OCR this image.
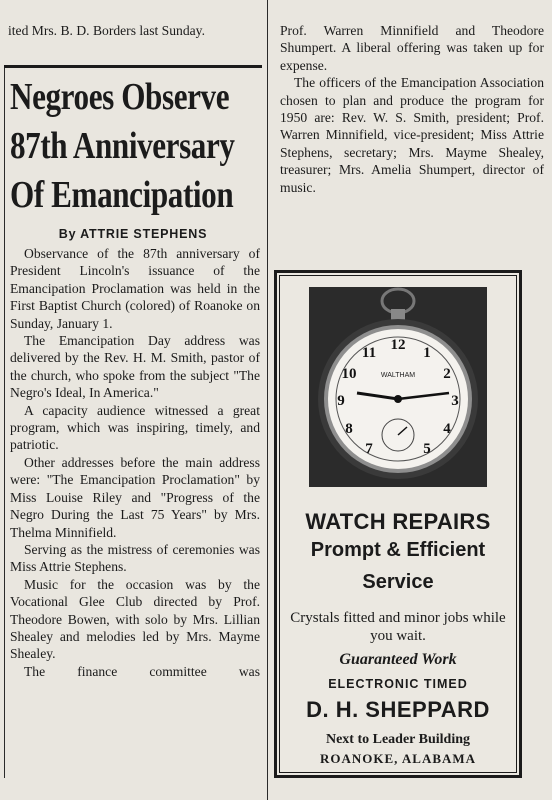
ited Mrs. B. D. Borders last Sunday.

Negroes Observe
87th Anniversary
Of Emancipation
By ATTRIE STEPHENS

Observance of the 87th anniversary of President Lincoln's issuance of the Emancipation Proclamation was held in the First Baptist Church (colored) of Roanoke on Sunday, January 1.

The Emancipation Day address was delivered by the Rev. H. M. Smith, pastor of the church, who spoke from the subject "The Negro's Ideal, In America."

A capacity audience witnessed a great program, which was inspiring, timely, and patriotic.

Other addresses before the main address were: "The Emancipation Proclamation" by Miss Louise Riley and "Progress of the Negro During the Last 75 Years" by Mrs. Thelma Minnifield.

Serving as the mistress of ceremonies was Miss Attrie Stephens.

Music for the occasion was by the Vocational Glee Club directed by Prof. Theodore Bowen, with solo by Mrs. Lillian Shealey and melodies led by Mrs. Mayme Shealey.

The finance committee was

Prof. Warren Minnifield and Theodore Shumpert. A liberal offering was taken up for expense.

The officers of the Emancipation Association chosen to plan and produce the program for 1950 are: Rev. W. S. Smith, president; Prof. Warren Minnifield, vice-president; Miss Attrie Stephens, secretary; Mrs. Mayme Shealey, treasurer; Mrs. Amelia Shumpert, director of music.

12 1
2
3
4
5
7
8
9
10
11
WALTHAM
WATCH REPAIRS
Prompt & Efficient
Service
Crystals fitted and minor jobs while you wait.
Guaranteed Work
ELECTRONIC TIMED
D. H. SHEPPARD
Next to Leader Building
ROANOKE, ALABAMA
